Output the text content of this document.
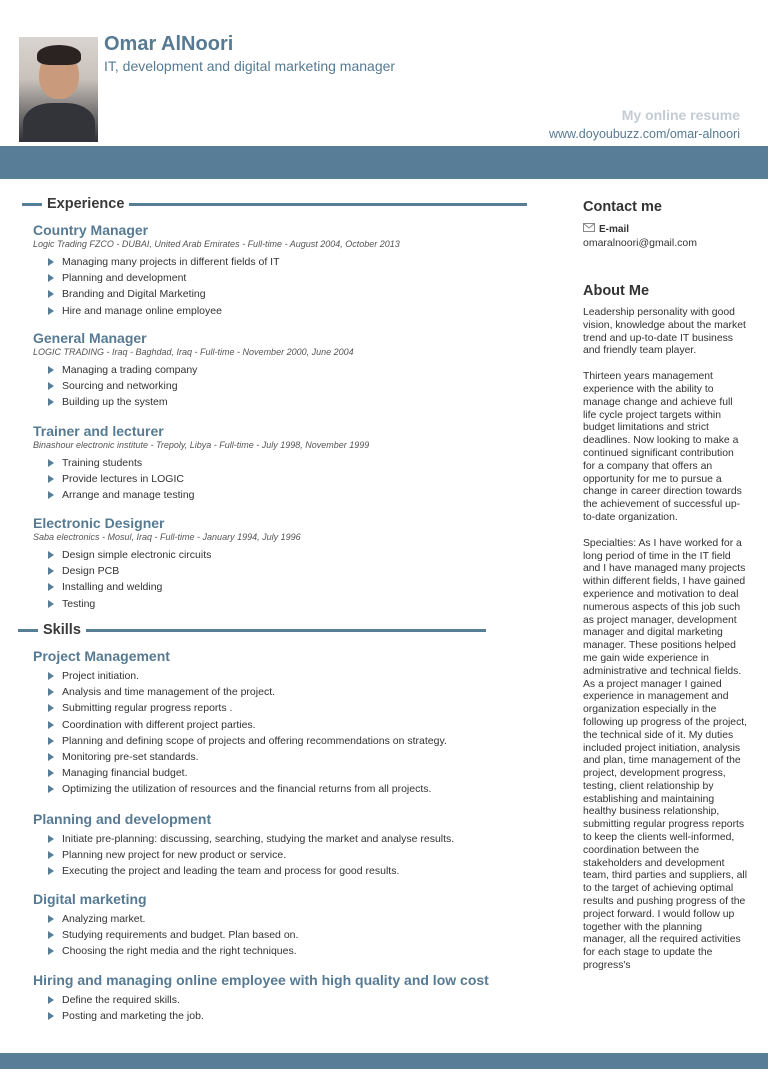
Omar AlNoori
IT, development and digital marketing manager
My online resume
www.doyoubuzz.com/omar-alnoori
Experience
Country Manager
Logic Trading FZCO - DUBAI, United Arab Emirates - Full-time - August 2004, October 2013
Managing many projects in different fields of IT
Planning and development
Branding and Digital Marketing
Hire and manage online employee
General Manager
LOGIC TRADING - Iraq - Baghdad, Iraq - Full-time - November 2000, June 2004
Managing a trading company
Sourcing and networking
Building up the system
Trainer and lecturer
Binashour electronic institute - Trepoly, Libya - Full-time - July 1998, November 1999
Training students
Provide lectures in LOGIC
Arrange and manage testing
Electronic Designer
Saba electronics - Mosul, Iraq - Full-time - January 1994, July 1996
Design simple electronic circuits
Design PCB
Installing and welding
Testing
Skills
Project Management
Project initiation.
Analysis and time management of the project.
Submitting regular progress reports .
Coordination with different project parties.
Planning and defining scope of projects and offering recommendations on strategy.
Monitoring pre-set standards.
Managing financial budget.
Optimizing the utilization of resources and the financial returns from all projects.
Planning and development
Initiate pre-planning: discussing, searching, studying the market and analyse results.
Planning new project for new product or service.
Executing the project and leading the team and process for good results.
Digital marketing
Analyzing market.
Studying requirements and budget. Plan based on.
Choosing the right media and the right techniques.
Hiring and managing online employee with high quality and low cost
Define the required skills.
Posting and marketing the job.
Contact me
E-mail
omaralnoori@gmail.com
About Me
Leadership personality with good vision, knowledge about the market trend and up-to-date IT business and friendly team player.
Thirteen years management experience with the ability to manage change and achieve full life cycle project targets within budget limitations and strict deadlines. Now looking to make a continued significant contribution for a company that offers an opportunity for me to pursue a change in career direction towards the achievement of successful up-to-date organization.
Specialties: As I have worked for a long period of time in the IT field and I have managed many projects within different fields, I have gained experience and motivation to deal numerous aspects of this job such as project manager, development manager and digital marketing manager. These positions helped me gain wide experience in administrative and technical fields.
As a project manager I gained experience in management and organization especially in the following up progress of the project, the technical side of it. My duties included project initiation, analysis and plan, time management of the project, development progress, testing, client relationship by establishing and maintaining healthy business relationship, submitting regular progress reports to keep the clients well-informed, coordination between the stakeholders and development team, third parties and suppliers, all to the target of achieving optimal results and pushing progress of the project forward. I would follow up together with the planning manager, all the required activities for each stage to update the progress's
